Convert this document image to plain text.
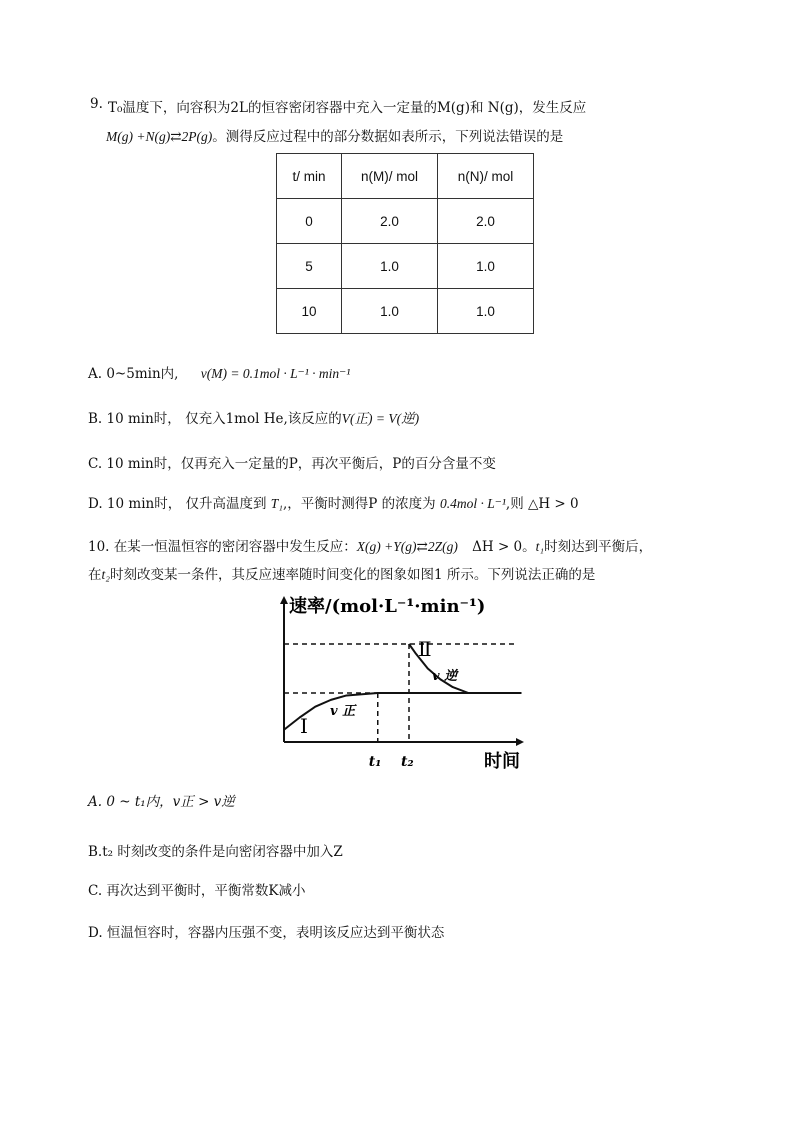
9. T₀温度下，向容积为2L的恒容密闭容器中充入一定量的M(g)和 N(g)，发生反应
M(g) +N(g)⇄2P(g)。测得反应过程中的部分数据如表所示，下列说法错误的是
t/ min	n(M)/ mol	n(N)/ mol
0	2.0	2.0
5	1.0	1.0
10	1.0	1.0
A. 0~5min内, v(M) = 0.1mol · L⁻¹ · min⁻¹
B. 10 min时， 仅充入1mol He,该反应的V(正) = V(逆)
C. 10 min时，仅再充入一定量的P，再次平衡后，P的百分含量不变
D. 10 min时， 仅升高温度到 T₁,，平衡时测得P 的浓度为 0.4mol · L⁻¹,则 △H > 0
10. 在某一恒温恒容的密闭容器中发生反应：X(g) +Y(g)⇄2Z(g) ΔH > 0。t₁时刻达到平衡后，
在t₂时刻改变某一条件，其反应速率随时间变化的图象如图1 所示。下列说法正确的是
速率/(mol·L⁻¹·min⁻¹)
时间
t₁ t₂
Ⅰ
Ⅱ
v 正
v 逆
A. 0 ~ t₁内，v正 > v逆
B.t₂ 时刻改变的条件是向密闭容器中加入Z
C. 再次达到平衡时，平衡常数K减小
D. 恒温恒容时，容器内压强不变，表明该反应达到平衡状态
